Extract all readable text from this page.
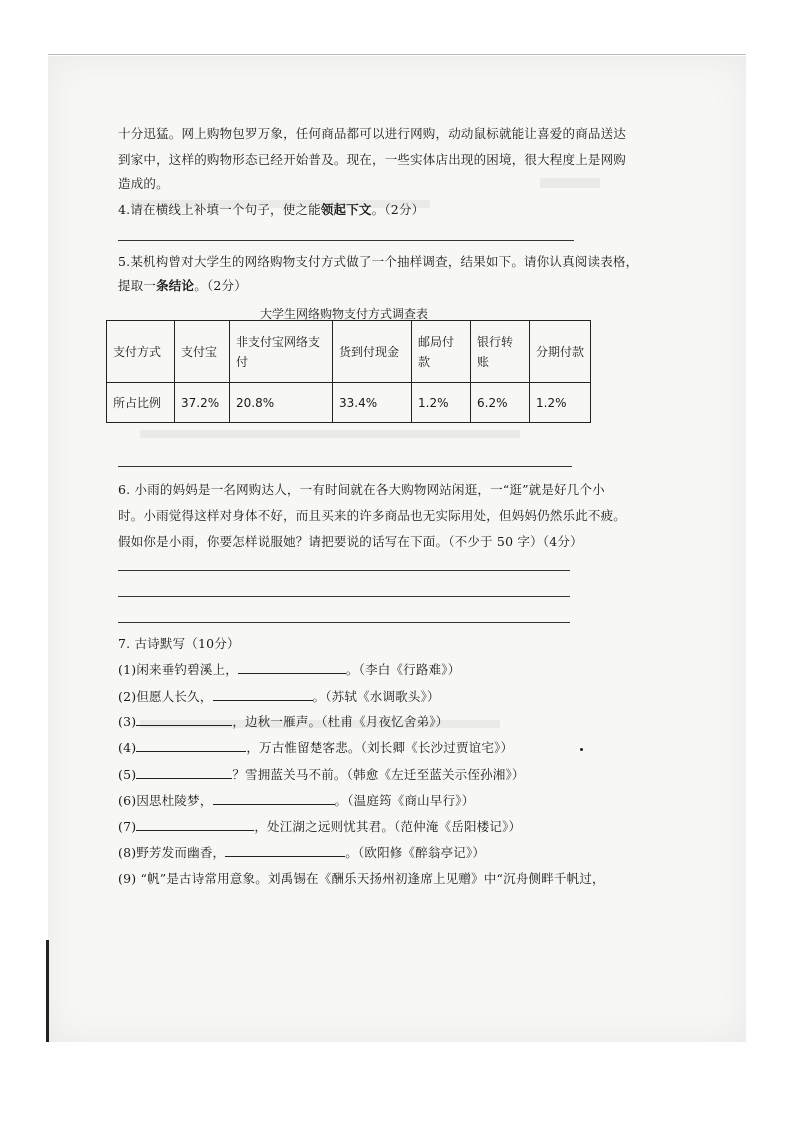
十分迅猛。网上购物包罗万象，任何商品都可以进行网购，动动鼠标就能让喜爱的商品送达
到家中，这样的购物形态已经开始普及。现在，一些实体店出现的困境，很大程度上是网购
造成的。
4.请在横线上补填一个句子，使之能领起下文。（2分）
5.某机构曾对大学生的网络购物支付方式做了一个抽样调查，结果如下。请你认真阅读表格，
提取一条结论。（2分）
大学生网络购物支付方式调查表
支付方式	支付宝	非支付宝网络支付	货到付现金	邮局付款	银行转账	分期付款
所占比例	37.2%	20.8%	33.4%	1.2%	6.2%	1.2%
6. 小雨的妈妈是一名网购达人，一有时间就在各大购物网站闲逛，一“逛”就是好几个小
时。小雨觉得这样对身体不好，而且买来的许多商品也无实际用处，但妈妈仍然乐此不疲。
假如你是小雨，你要怎样说服她？请把要说的话写在下面。（不少于 50 字）（4分）
7. 古诗默写（10分）
(1)闲来垂钓碧溪上，	。（李白《行路难》）
(2)但愿人长久，	。（苏轼《水调歌头》）
(3)	，边秋一雁声。（杜甫《月夜忆舍弟》）
(4)	，万古惟留楚客悲。（刘长卿《长沙过贾谊宅》）
(5)	？雪拥蓝关马不前。（韩愈《左迁至蓝关示侄孙湘》）
(6)因思杜陵梦，	。（温庭筠《商山早行》）
(7)	，处江湖之远则忧其君。（范仲淹《岳阳楼记》）
(8)野芳发而幽香，	。（欧阳修《醉翁亭记》）
(9) “帆”是古诗常用意象。刘禹锡在《酬乐天扬州初逢席上见赠》中“沉舟侧畔千帆过，
